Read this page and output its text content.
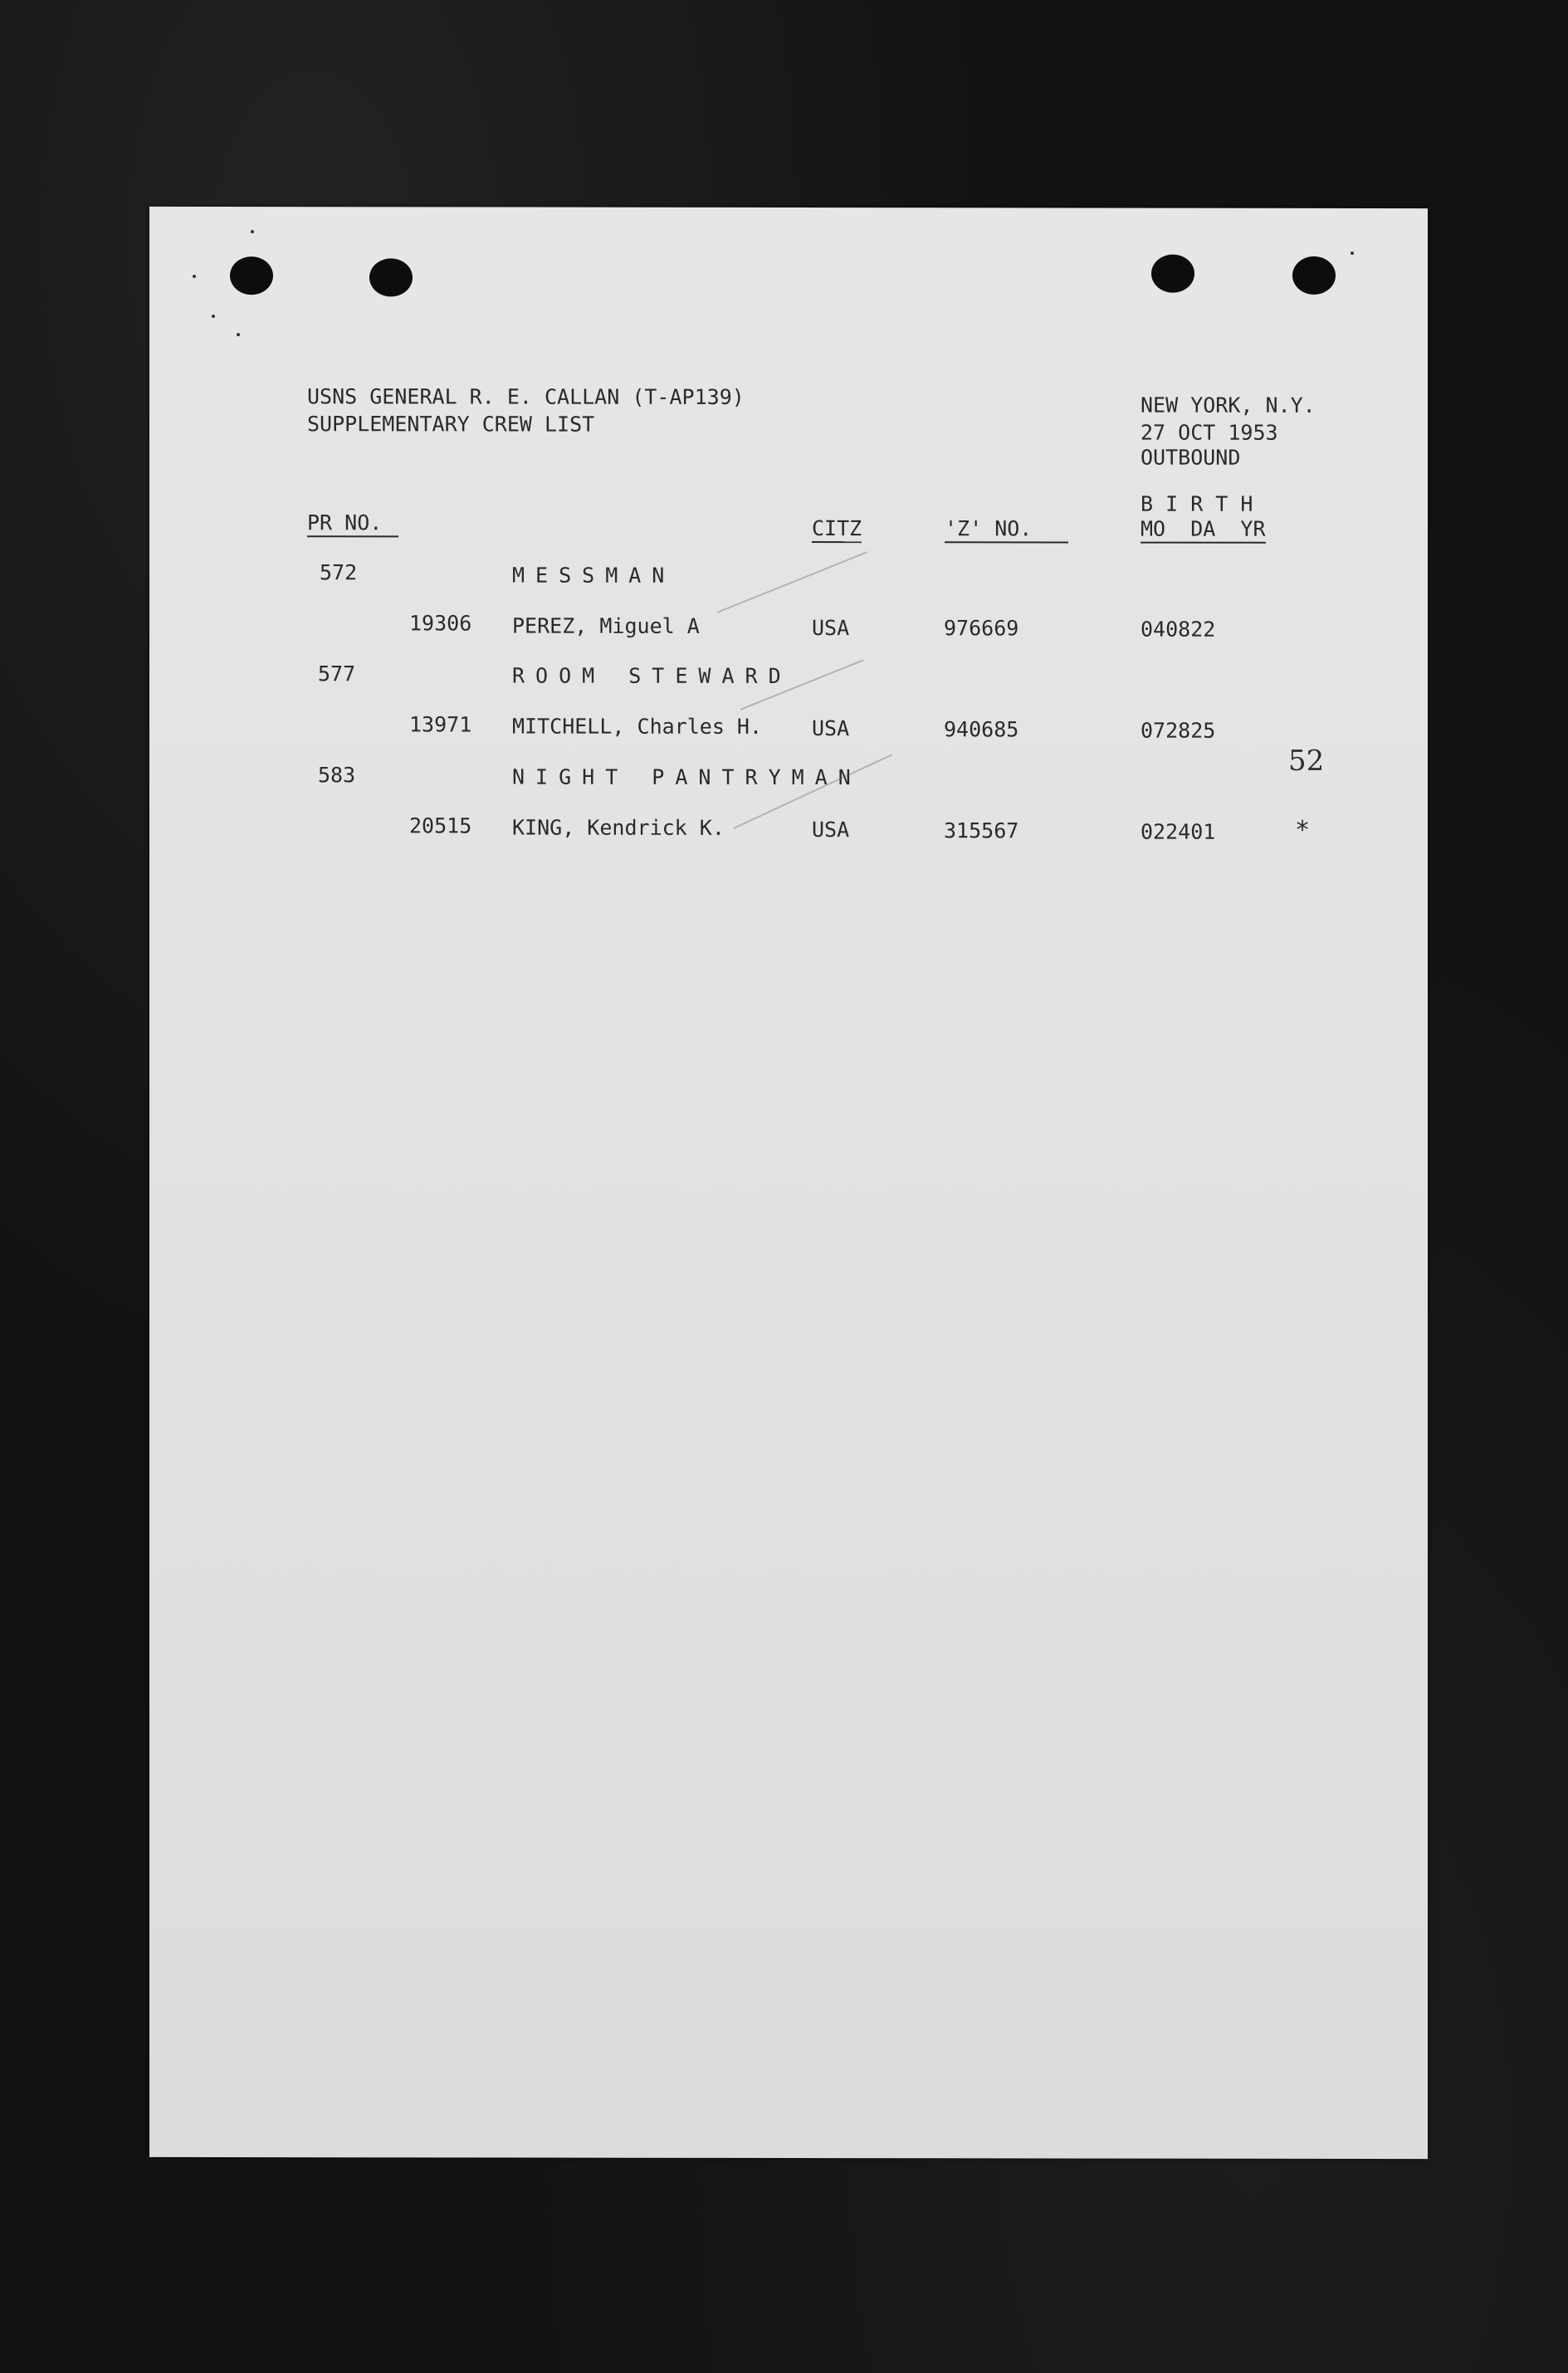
USNS GENERAL R. E. CALLAN (T-AP139)
SUPPLEMENTARY CREW LIST
NEW YORK, N.Y.
27 OCT 1953
OUTBOUND
PR NO.	CITZ	'Z' NO.
B I R T H
MO  DA  YR
572	MESSMAN
19306 PEREZ, Miguel A	USA	976669	040822
577	ROOM STEWARD
13971 MITCHELL, Charles H. USA	940685	072825
52
583	NIGHT PANTRYMAN
20515 KING, Kendrick K.	USA	315567	022401	*
